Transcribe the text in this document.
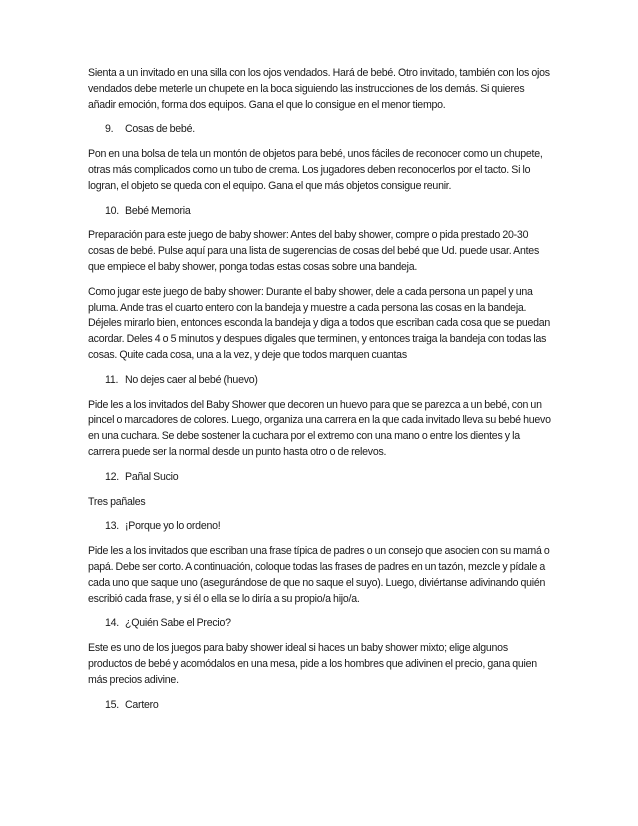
Sienta a un invitado en una silla con los ojos vendados. Hará de bebé. Otro invitado, también con los ojos vendados debe meterle un chupete en la boca siguiendo las instrucciones de los demás. Si quieres añadir emoción, forma dos equipos. Gana el que lo consigue en el menor tiempo.

9.	Cosas de bebé.

Pon en una bolsa de tela un montón de objetos para bebé, unos fáciles de reconocer como un chupete, otras más complicados como un tubo de crema. Los jugadores deben reconocerlos por el tacto. Si lo logran, el objeto se queda con el equipo. Gana el que más objetos consigue reunir.

10. Bebé Memoria

Preparación para este juego de baby shower: Antes del baby shower, compre o pida prestado 20-30 cosas de bebé. Pulse aquí para una lista de sugerencias de cosas del bebé que Ud. puede usar. Antes que empiece el baby shower, ponga todas estas cosas sobre una bandeja.

Como jugar este juego de baby shower: Durante el baby shower, dele a cada persona un papel y una pluma. Ande tras el cuarto entero con la bandeja y muestre a cada persona las cosas en la bandeja. Déjeles mirarlo bien, entonces esconda la bandeja y diga a todos que escriban cada cosa que se puedan acordar. Deles 4 o 5 minutos y despues digales que terminen, y entonces traiga la bandeja con todas las cosas. Quite cada cosa, una a la vez, y deje que todos marquen cuantas

11. No dejes caer al bebé (huevo)

Pide les a los invitados del Baby Shower que decoren un huevo para que se parezca a un bebé, con un pincel o marcadores de colores. Luego, organiza una carrera en la que cada invitado lleva su bebé huevo en una cuchara. Se debe sostener la cuchara por el extremo con una mano o entre los dientes y la carrera puede ser la normal desde un punto hasta otro o de relevos.

12. Pañal Sucio

Tres pañales

13. ¡Porque yo lo ordeno!

Pide les a los invitados que escriban una frase típica de padres o un consejo que asocien con su mamá o papá. Debe ser corto. A continuación, coloque todas las frases de padres en un tazón, mezcle y pídale a cada uno que saque uno (asegurándose de que no saque el suyo). Luego, diviértanse adivinando quién escribió cada frase, y si él o ella se lo diría a su propio/a hijo/a.

14. ¿Quién Sabe el Precio?

Este es uno de los juegos para baby shower ideal si haces un baby shower mixto; elige algunos productos de bebé y acomódalos en una mesa, pide a los hombres que adivinen el precio, gana quien más precios adivine.

15. Cartero
